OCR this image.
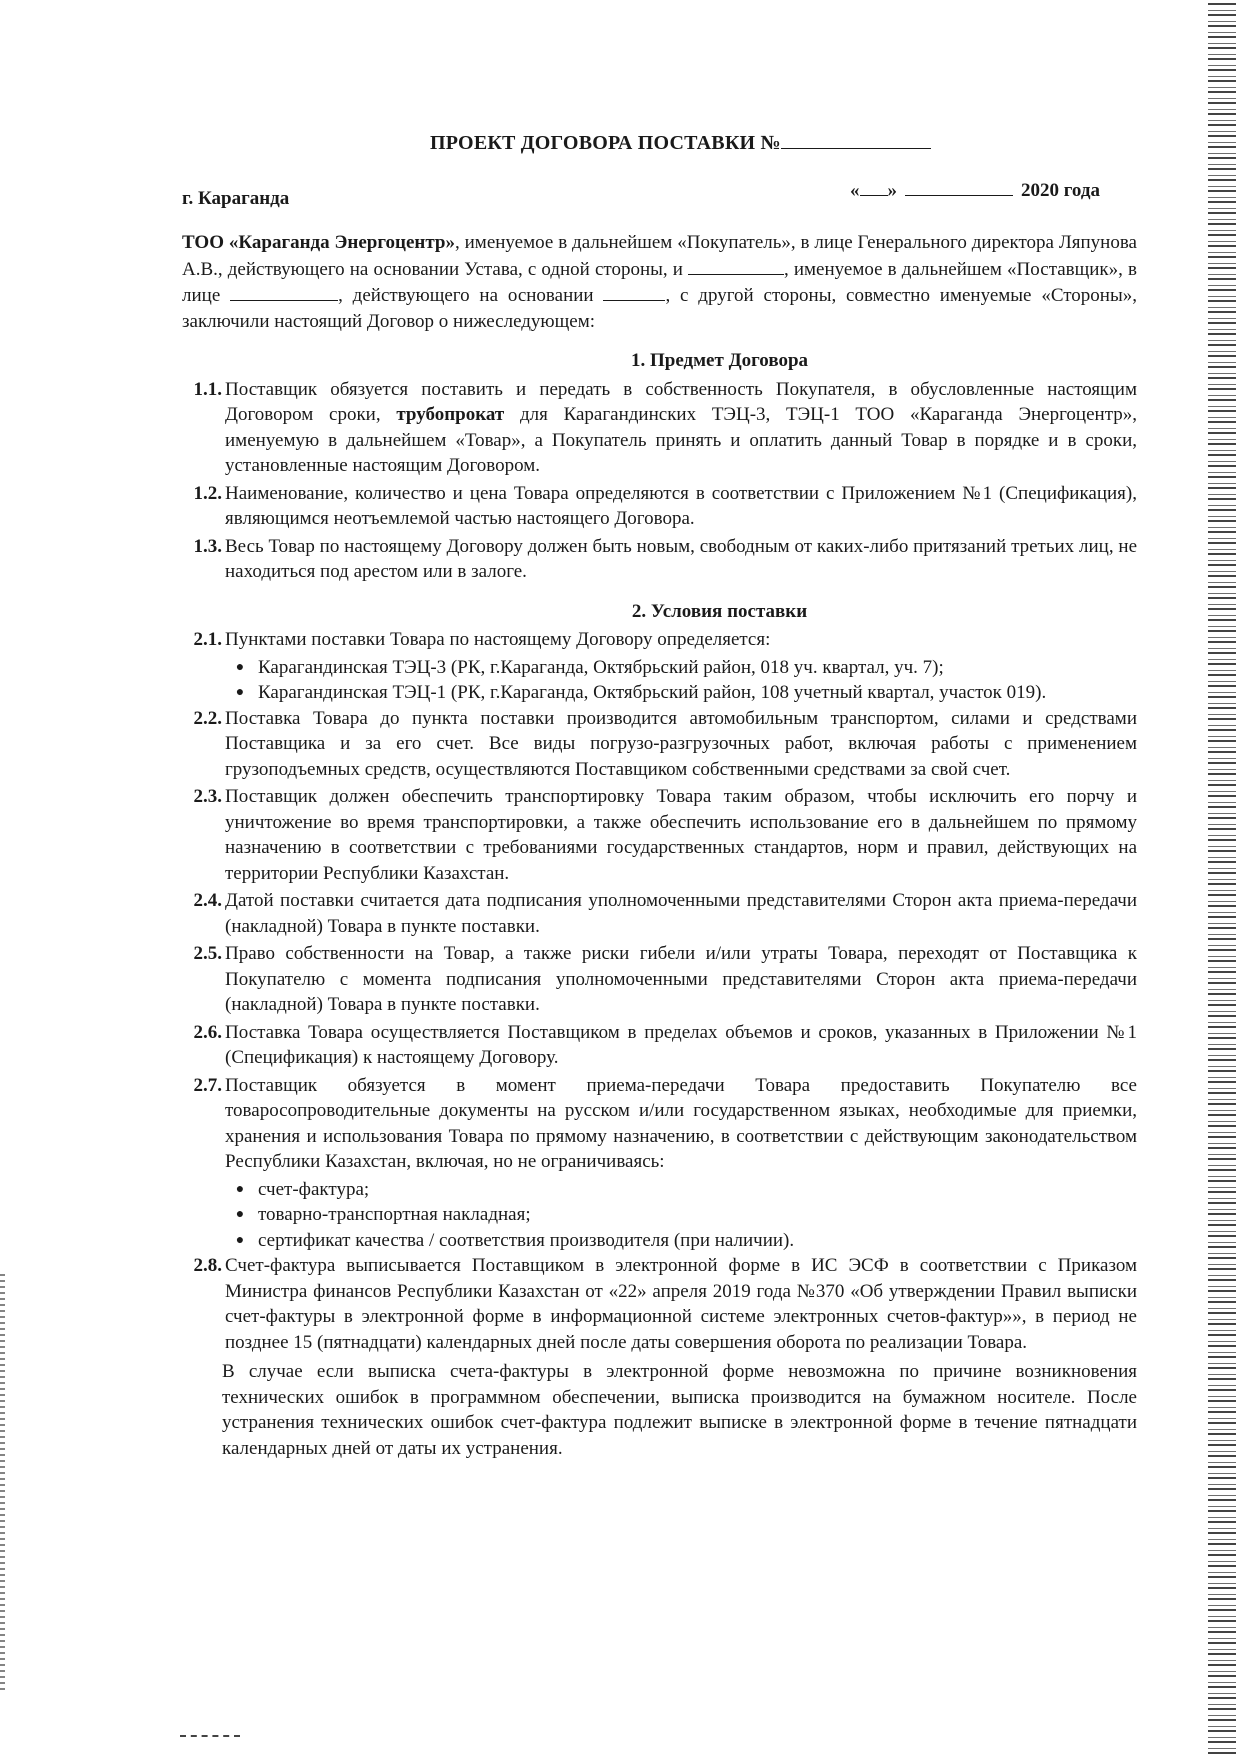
ПРОЕКТ ДОГОВОРА ПОСТАВКИ №
г. Караганда	« »	2020 года

ТОО «Караганда Энергоцентр», именуемое в дальнейшем «Покупатель», в лице Генерального директора Ляпунова А.В., действующего на основании Устава, с одной стороны, и	, именуемое в дальнейшем «Поставщик», в лице	, действующего на основании	, с другой стороны, совместно именуемые «Стороны», заключили настоящий Договор о нижеследующем:

1. Предмет Договора
1.1. Поставщик обязуется поставить и передать в собственность Покупателя, в обусловленные настоящим Договором сроки, трубопрокат для Карагандинских ТЭЦ-3, ТЭЦ-1 ТОО «Караганда Энергоцентр», именуемую в дальнейшем «Товар», а Покупатель принять и оплатить данный Товар в порядке и в сроки, установленные настоящим Договором.
1.2. Наименование, количество и цена Товара определяются в соответствии с Приложением №1 (Спецификация), являющимся неотъемлемой частью настоящего Договора.
1.3. Весь Товар по настоящему Договору должен быть новым, свободным от каких-либо притязаний третьих лиц, не находиться под арестом или в залоге.
2. Условия поставки
2.1. Пунктами поставки Товара по настоящему Договору определяется:
● Карагандинская ТЭЦ-3 (РК, г.Караганда, Октябрьский район, 018 уч. квартал, уч. 7);
● Карагандинская ТЭЦ-1 (РК, г.Караганда, Октябрьский район, 108 учетный квартал, участок 019).
2.2. Поставка Товара до пункта поставки производится автомобильным транспортом, силами и средствами Поставщика и за его счет. Все виды погрузо-разгрузочных работ, включая работы с применением грузоподъемных средств, осуществляются Поставщиком собственными средствами за свой счет.
2.3. Поставщик должен обеспечить транспортировку Товара таким образом, чтобы исключить его порчу и уничтожение во время транспортировки, а также обеспечить использование его в дальнейшем по прямому назначению в соответствии с требованиями государственных стандартов, норм и правил, действующих на территории Республики Казахстан.
2.4. Датой поставки считается дата подписания уполномоченными представителями Сторон акта приема-передачи (накладной) Товара в пункте поставки.
2.5. Право собственности на Товар, а также риски гибели и/или утраты Товара, переходят от Поставщика к Покупателю с момента подписания уполномоченными представителями Сторон акта приема-передачи (накладной) Товара в пункте поставки.
2.6. Поставка Товара осуществляется Поставщиком в пределах объемов и сроков, указанных в Приложении №1 (Спецификация) к настоящему Договору.
2.7. Поставщик обязуется в момент приема-передачи Товара предоставить Покупателю все товаросопроводительные документы на русском и/или государственном языках, необходимые для приемки, хранения и использования Товара по прямому назначению, в соответствии с действующим законодательством Республики Казахстан, включая, но не ограничиваясь:
● счет-фактура;
● товарно-транспортная накладная;
● сертификат качества / соответствия производителя (при наличии).
2.8. Счет-фактура выписывается Поставщиком в электронной форме в ИС ЭСФ в соответствии с Приказом Министра финансов Республики Казахстан от «22» апреля 2019 года №370 «Об утверждении Правил выписки счет-фактуры в электронной форме в информационной системе электронных счетов-фактур»», в период не позднее 15 (пятнадцати) календарных дней после даты совершения оборота по реализации Товара.

В случае если выписка счета-фактуры в электронной форме невозможна по причине возникновения технических ошибок в программном обеспечении, выписка производится на бумажном носителе. После устранения технических ошибок счет-фактура подлежит выписке в электронной форме в течение пятнадцати календарных дней от даты их устранения.
